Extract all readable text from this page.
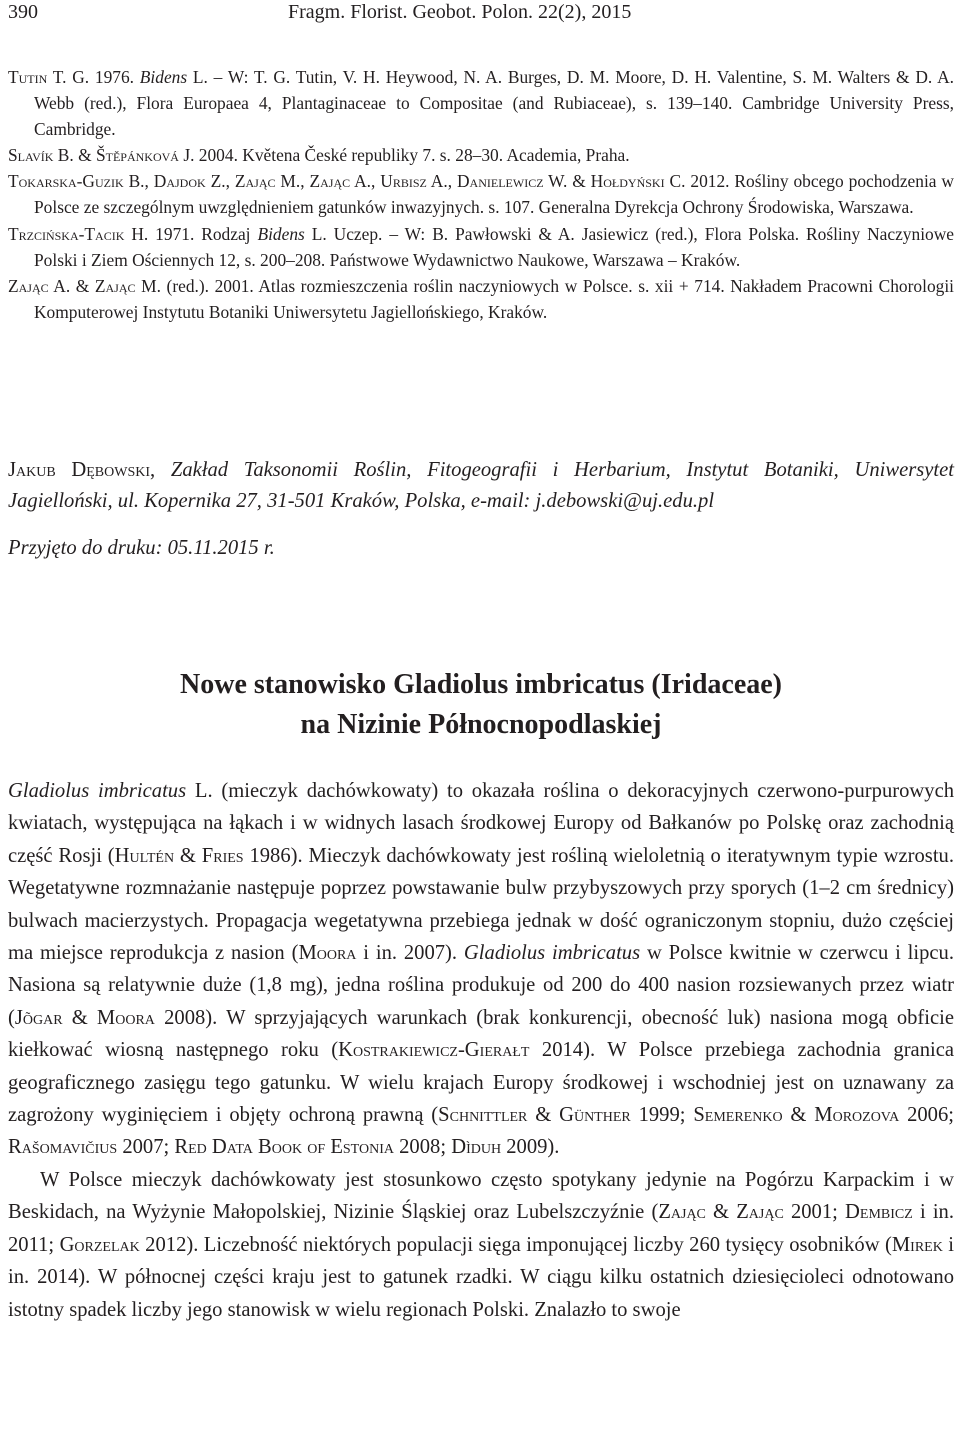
390	Fragm. Florist. Geobot. Polon. 22(2), 2015
Tutin T. G. 1976. Bidens L. – W: T. G. Tutin, V. H. Heywood, N. A. Burges, D. M. Moore, D. H. Valentine, S. M. Walters & D. A. Webb (red.), Flora Europaea 4, Plantaginaceae to Compositae (and Rubiaceae), s. 139–140. Cambridge University Press, Cambridge.
Slavík B. & Štěpánková J. 2004. Květena České republiky 7. s. 28–30. Academia, Praha.
Tokarska-Guzik B., Dajdok Z., Zając M., Zając A., Urbisz A., Danielewicz W. & Hołdyński C. 2012. Rośliny obcego pochodzenia w Polsce ze szczególnym uwzględnieniem gatunków inwazyjnych. s. 107. Generalna Dyrekcja Ochrony Środowiska, Warszawa.
Trzcińska-Tacik H. 1971. Rodzaj Bidens L. Uczep. – W: B. Pawłowski & A. Jasiewicz (red.), Flora Polska. Rośliny Naczyniowe Polski i Ziem Ościennych 12, s. 200–208. Państwowe Wydawnictwo Naukowe, Warszawa – Kraków.
Zając A. & Zając M. (red.). 2001. Atlas rozmieszczenia roślin naczyniowych w Polsce. s. xii + 714. Nakładem Pracowni Chorologii Komputerowej Instytutu Botaniki Uniwersytetu Jagiellońskiego, Kraków.
Jakub Dębowski, Zakład Taksonomii Roślin, Fitogeografii i Herbarium, Instytut Botaniki, Uniwersytet Jagielloński, ul. Kopernika 27, 31-501 Kraków, Polska, e-mail: j.debowski@uj.edu.pl
Przyjęto do druku: 05.11.2015 r.
Nowe stanowisko Gladiolus imbricatus (Iridaceae)
na Nizinie Północnopodlaskiej

Gladiolus imbricatus L. (mieczyk dachówkowaty) to okazała roślina o dekoracyjnych czerwono-purpurowych kwiatach, występująca na łąkach i w widnych lasach środkowej Europy od Bałkanów po Polskę oraz zachodnią część Rosji (Hultén & Fries 1986). Mieczyk dachówkowaty jest rośliną wieloletnią o iteratywnym typie wzrostu. Wegetatywne rozmnażanie następuje poprzez powstawanie bulw przybyszowych przy sporych (1–2 cm średnicy) bulwach macierzystych. Propagacja wegetatywna przebiega jednak w dość ograniczonym stopniu, dużo częściej ma miejsce reprodukcja z nasion (Moora i in. 2007). Gladiolus imbricatus w Polsce kwitnie w czerwcu i lipcu. Nasiona są relatywnie duże (1,8 mg), jedna roślina produkuje od 200 do 400 nasion rozsiewanych przez wiatr (Jõgar & Moora 2008). W sprzyjających warunkach (brak konkurencji, obecność luk) nasiona mogą obficie kiełkować wiosną następnego roku (Kostrakiewicz-Gierałt 2014). W Polsce przebiega zachodnia granica geograficznego zasięgu tego gatunku. W wielu krajach Europy środkowej i wschodniej jest on uznawany za zagrożony wyginięciem i objęty ochroną prawną (Schnittler & Günther 1999; Semerenko & Morozova 2006; Rašomavičius 2007; Red Data Book of Estonia 2008; Dìduh 2009).

W Polsce mieczyk dachówkowaty jest stosunkowo często spotykany jedynie na Pogórzu Karpackim i w Beskidach, na Wyżynie Małopolskiej, Nizinie Śląskiej oraz Lubelszczyźnie (Zając & Zając 2001; Dembicz i in. 2011; Gorzelak 2012). Liczebność niektórych populacji sięga imponującej liczby 260 tysięcy osobników (Mirek i in. 2014). W północnej części kraju jest to gatunek rzadki. W ciągu kilku ostatnich dziesięcioleci odnotowano istotny spadek liczby jego stanowisk w wielu regionach Polski. Znalazło to swoje
